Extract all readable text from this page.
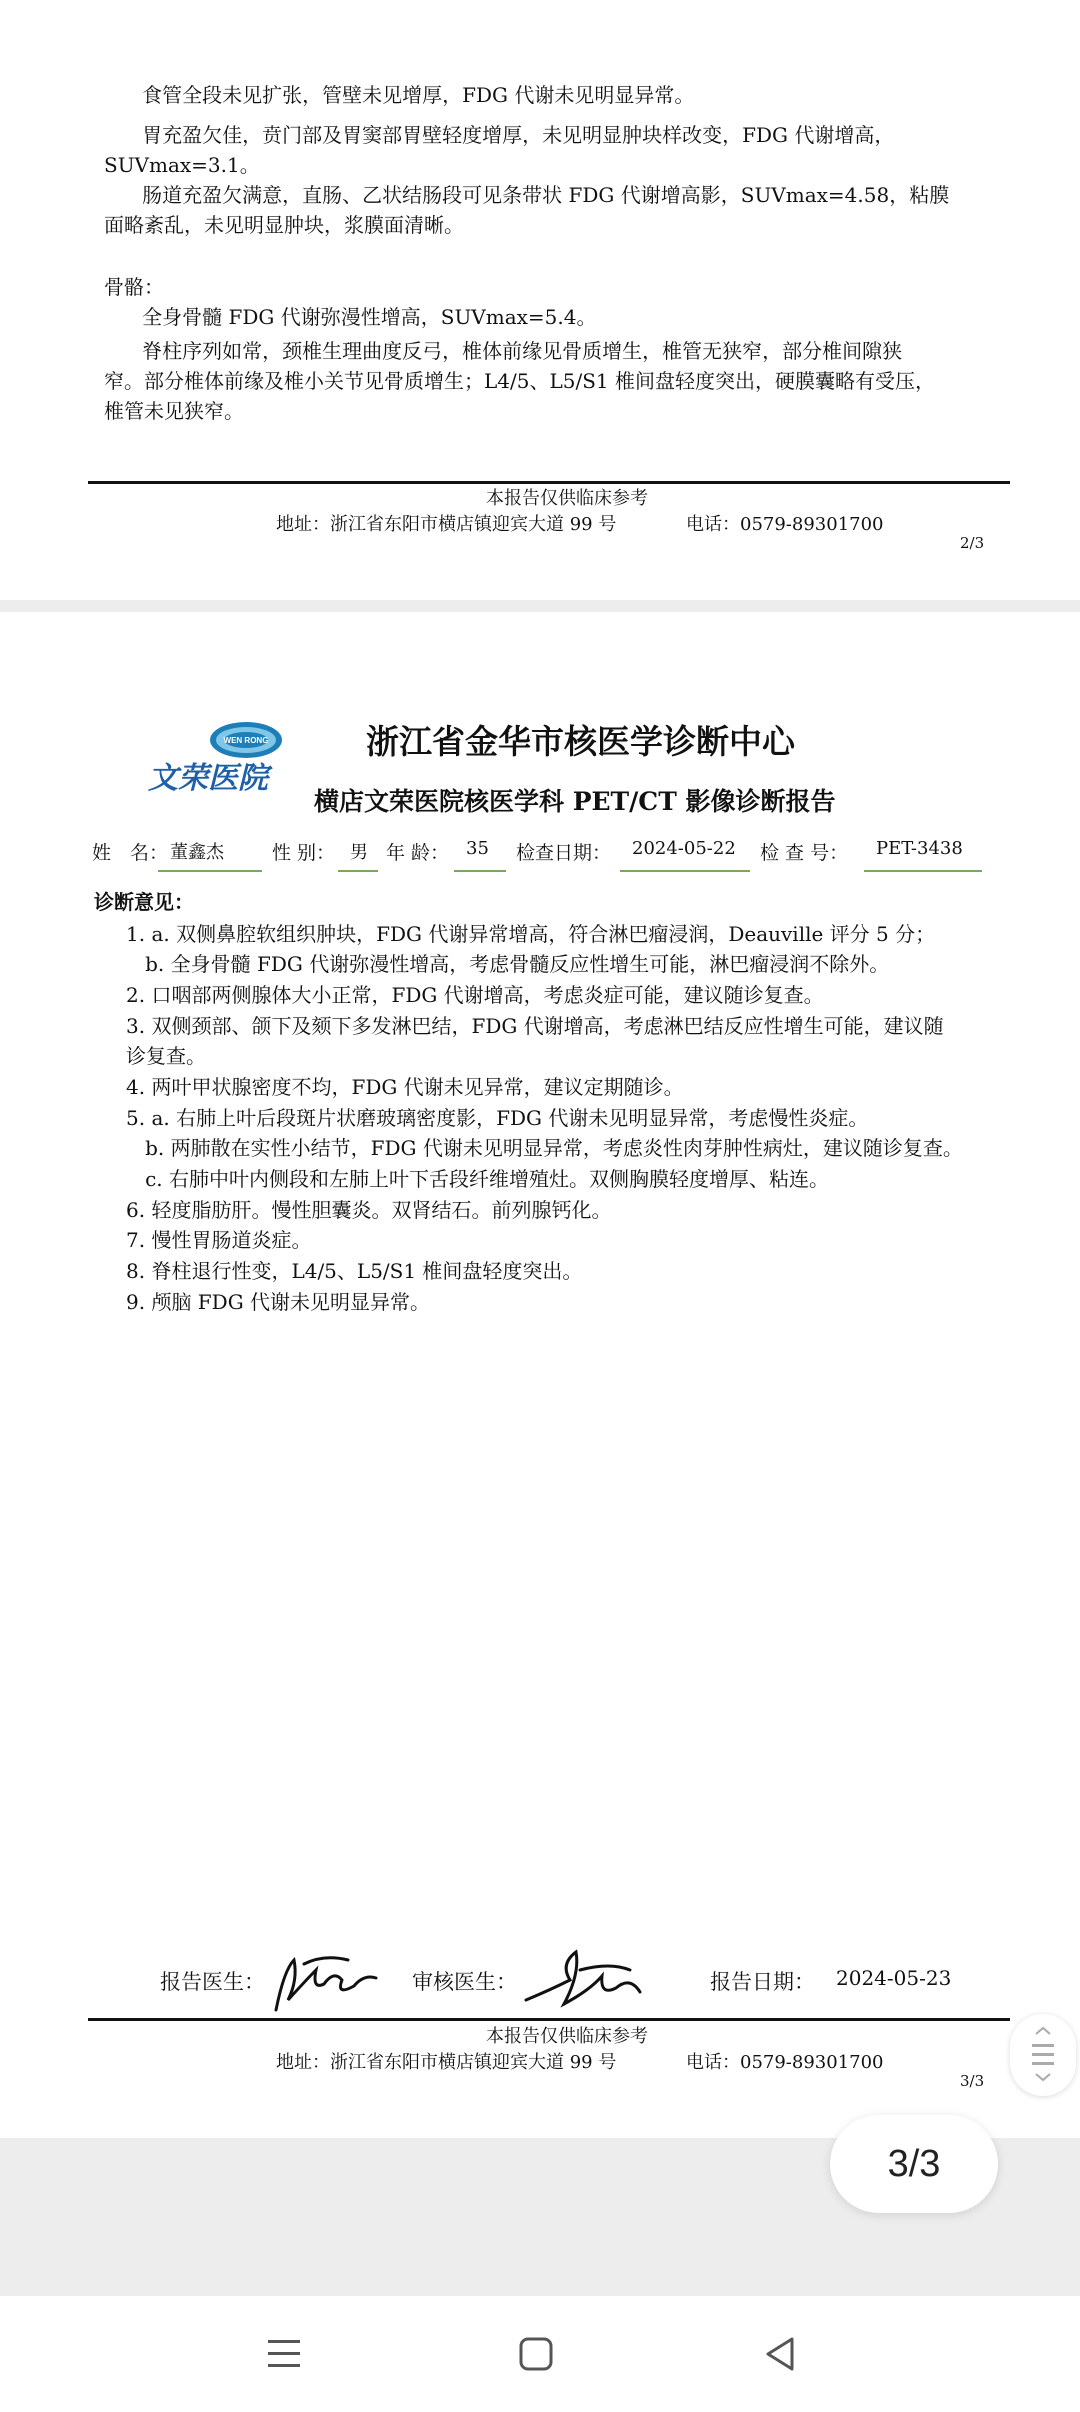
食管全段未见扩张，管壁未见增厚，FDG 代谢未见明显异常。
胃充盈欠佳，贲门部及胃窦部胃壁轻度增厚，未见明显肿块样改变，FDG 代谢增高，
SUVmax=3.1。
肠道充盈欠满意，直肠、乙状结肠段可见条带状 FDG 代谢增高影，SUVmax=4.58，粘膜
面略紊乱，未见明显肿块，浆膜面清晰。
骨骼：
全身骨髓 FDG 代谢弥漫性增高，SUVmax=5.4。
脊柱序列如常，颈椎生理曲度反弓，椎体前缘见骨质增生，椎管无狭窄，部分椎间隙狭
窄。部分椎体前缘及椎小关节见骨质增生；L4/5、L5/S1 椎间盘轻度突出，硬膜囊略有受压，
椎管未见狭窄。
本报告仅供临床参考
地址：浙江省东阳市横店镇迎宾大道 99 号	电话：0579-89301700
2/3
WEN RONG
文荣医院
浙江省金华市核医学诊断中心
横店文荣医院核医学科 PET/CT 影像诊断报告
姓　名： 董鑫杰	性 别： 男 年 龄： 35 检查日期： 2024-05-22 检 查 号： PET-3438
诊断意见：
1. a. 双侧鼻腔软组织肿块，FDG 代谢异常增高，符合淋巴瘤浸润，Deauville 评分 5 分；
b. 全身骨髓 FDG 代谢弥漫性增高，考虑骨髓反应性增生可能，淋巴瘤浸润不除外。
2. 口咽部两侧腺体大小正常，FDG 代谢增高，考虑炎症可能，建议随诊复查。
3. 双侧颈部、颌下及颏下多发淋巴结，FDG 代谢增高，考虑淋巴结反应性增生可能，建议随
诊复查。
4. 两叶甲状腺密度不均，FDG 代谢未见异常，建议定期随诊。
5. a. 右肺上叶后段斑片状磨玻璃密度影，FDG 代谢未见明显异常，考虑慢性炎症。
b. 两肺散在实性小结节，FDG 代谢未见明显异常，考虑炎性肉芽肿性病灶，建议随诊复查。
c. 右肺中叶内侧段和左肺上叶下舌段纤维增殖灶。双侧胸膜轻度增厚、粘连。
6. 轻度脂肪肝。慢性胆囊炎。双肾结石。前列腺钙化。
7. 慢性胃肠道炎症。
8. 脊柱退行性变，L4/5、L5/S1 椎间盘轻度突出。
9. 颅脑 FDG 代谢未见明显异常。
报告医生：	审核医生：	报告日期： 2024-05-23
本报告仅供临床参考
地址：浙江省东阳市横店镇迎宾大道 99 号	电话：0579-89301700
3/3
3/3
